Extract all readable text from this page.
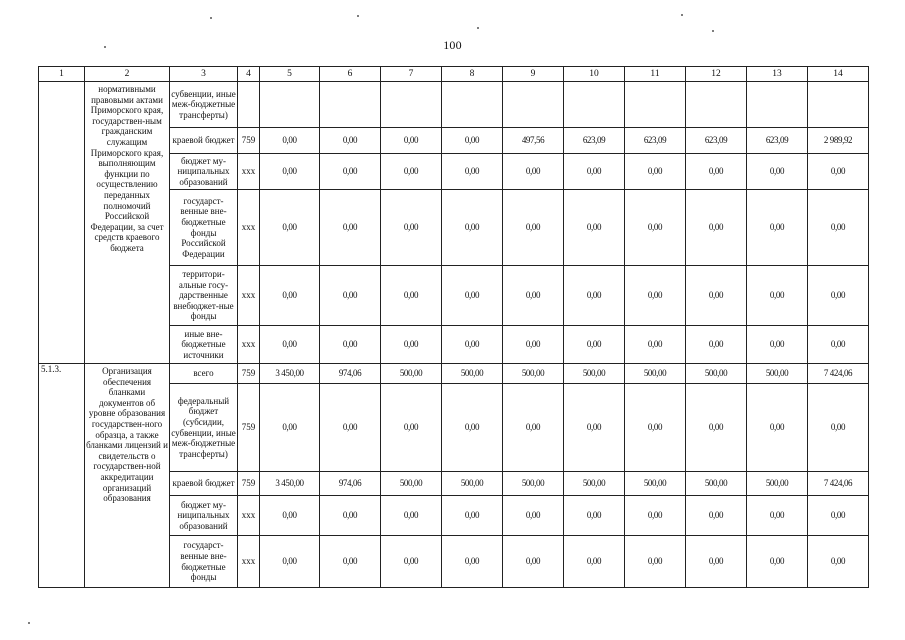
100
1	2	3	4	5	6	7	8	9	10	11	12	13	14
	нормативными правовыми актами Приморского края, государствен-ным гражданским служащим Приморского края, выполняющим функции по осуществлению переданных полномочий Российской Федерации, за счет средств краевого бюджета	субвенции, иные меж-бюджетные трансферты)											
		краевой бюджет	759	0,00	0,00	0,00	0,00	497,56	623,09	623,09	623,09	623,09	2 989,92
		бюджет му-ниципальных образований	ххх	0,00	0,00	0,00	0,00	0,00	0,00	0,00	0,00	0,00	0,00
		государст-венные вне-бюджетные фонды Российской Федерации	ххх	0,00	0,00	0,00	0,00	0,00	0,00	0,00	0,00	0,00	0,00
		территори-альные госу-дарственные внебюджет-ные фонды	ххх	0,00	0,00	0,00	0,00	0,00	0,00	0,00	0,00	0,00	0,00
		иные вне-бюджетные источники	ххх	0,00	0,00	0,00	0,00	0,00	0,00	0,00	0,00	0,00	0,00
5.1.3.	Организация обеспечения бланками документов об уровне образования государствен-ного образца, а также бланками лицензий и свидетельств о государствен-ной аккредитации организаций образования	всего	759	3 450,00	974,06	500,00	500,00	500,00	500,00	500,00	500,00	500,00	7 424,06
		федеральный бюджет (субсидии, субвенции, иные меж-бюджетные трансферты)	759	0,00	0,00	0,00	0,00	0,00	0,00	0,00	0,00	0,00	0,00
		краевой бюджет	759	3 450,00	974,06	500,00	500,00	500,00	500,00	500,00	500,00	500,00	7 424,06
		бюджет му-ниципальных образований	ххх	0,00	0,00	0,00	0,00	0,00	0,00	0,00	0,00	0,00	0,00
		государст-венные вне-бюджетные фонды	ххх	0,00	0,00	0,00	0,00	0,00	0,00	0,00	0,00	0,00	0,00
